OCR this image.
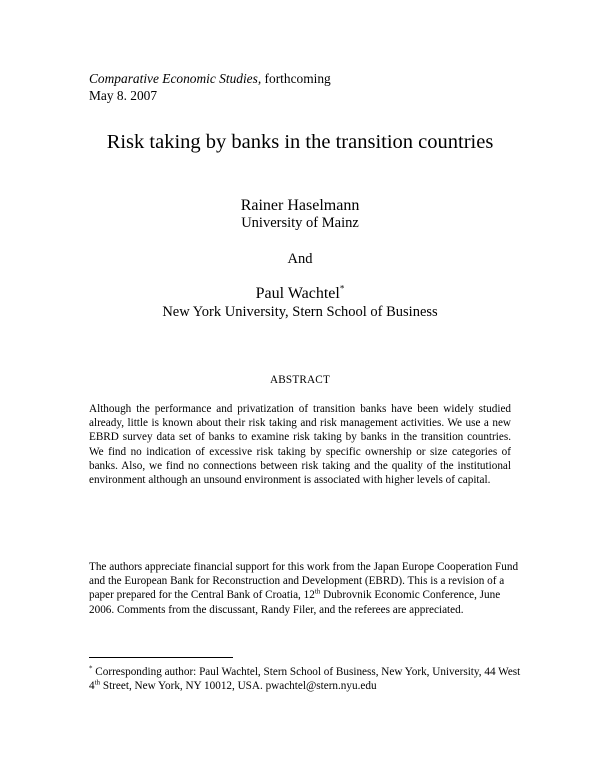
Comparative Economic Studies, forthcoming
May 8. 2007
Risk taking by banks in the transition countries
Rainer Haselmann
University of Mainz
And
Paul Wachtel*
New York University, Stern School of Business
ABSTRACT
Although the performance and privatization of transition banks have been widely studied already, little is known about their risk taking and risk management activities. We use a new EBRD survey data set of banks to examine risk taking by banks in the transition countries. We find no indication of excessive risk taking by specific ownership or size categories of banks. Also, we find no connections between risk taking and the quality of the institutional environment although an unsound environment is associated with higher levels of capital.
The authors appreciate financial support for this work from the Japan Europe Cooperation Fund and the European Bank for Reconstruction and Development (EBRD). This is a revision of a paper prepared for the Central Bank of Croatia, 12th Dubrovnik Economic Conference, June 2006. Comments from the discussant, Randy Filer, and the referees are appreciated.
* Corresponding author: Paul Wachtel, Stern School of Business, New York, University, 44 West 4th Street, New York, NY 10012, USA. pwachtel@stern.nyu.edu
